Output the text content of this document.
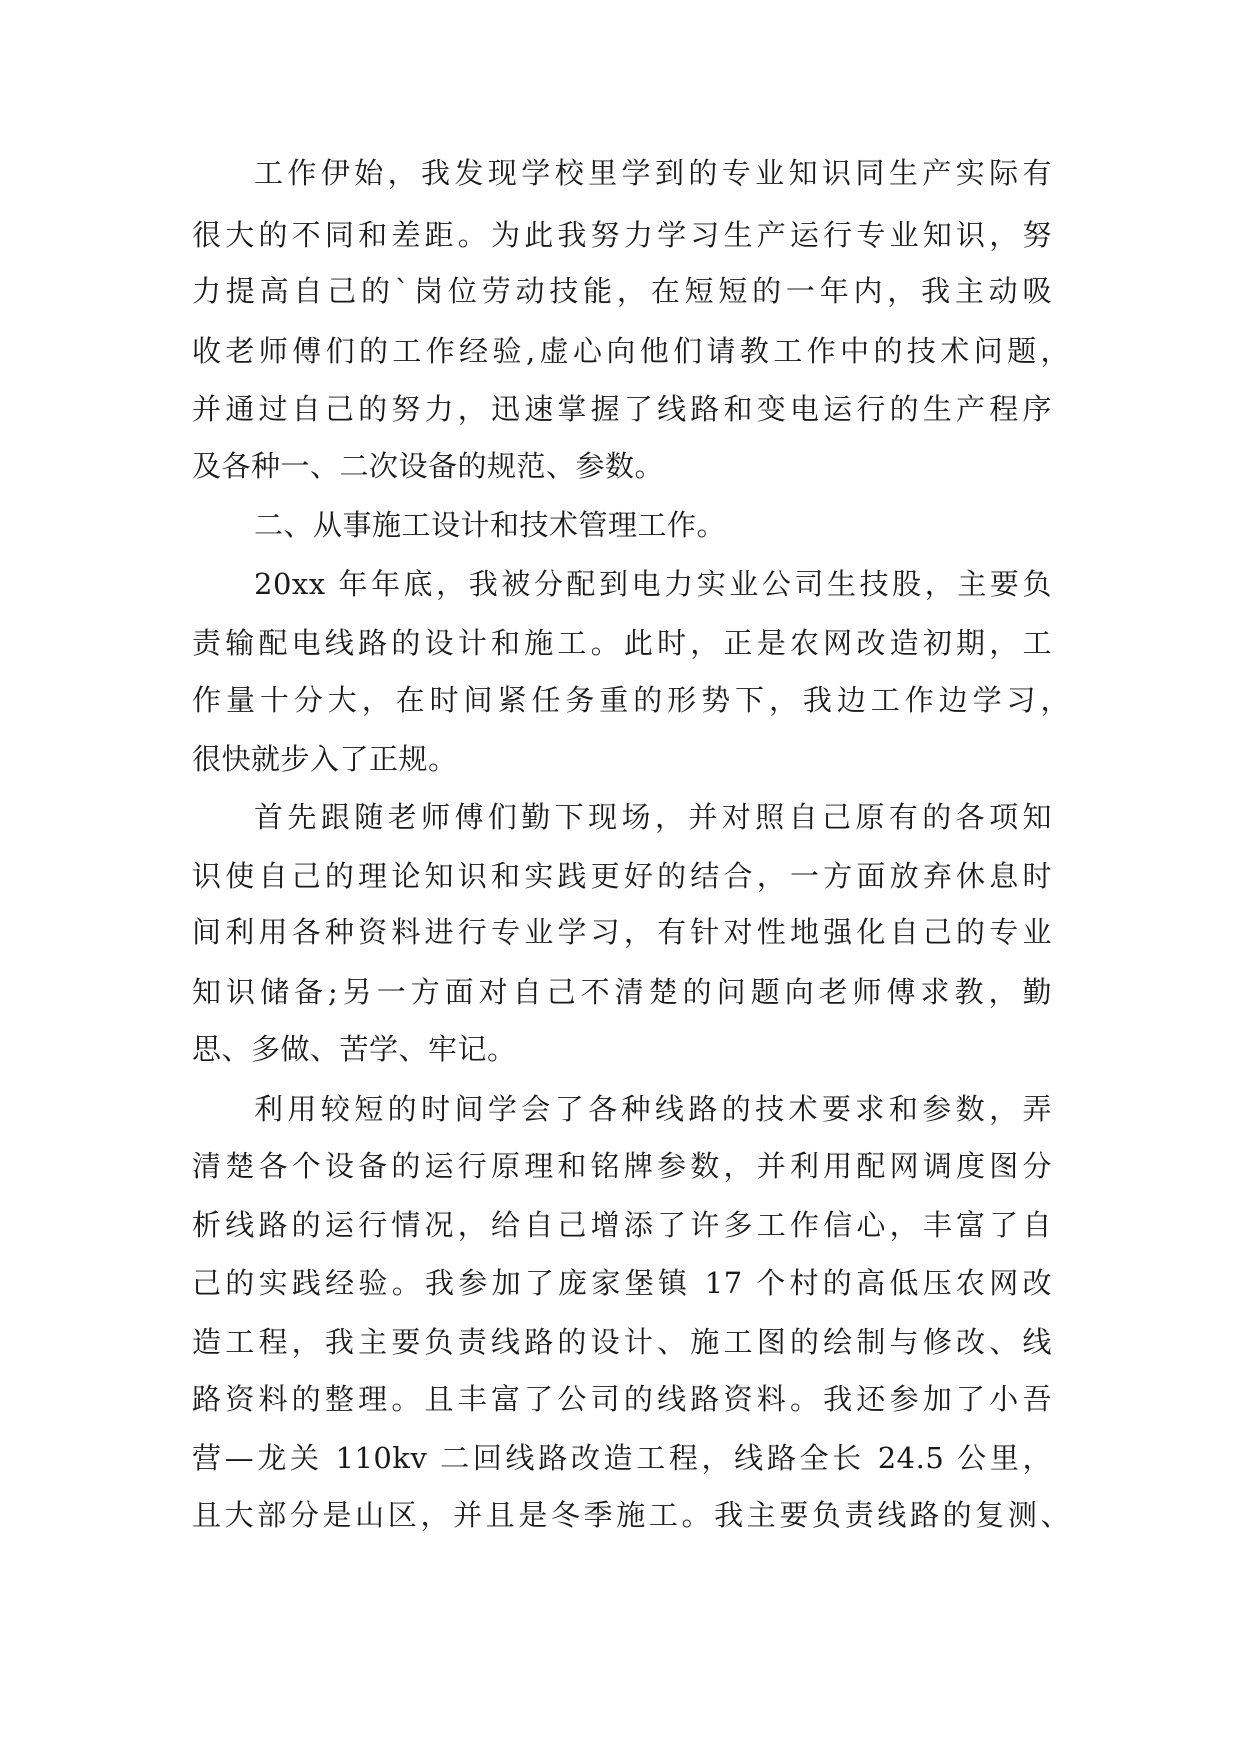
工作伊始，我发现学校里学到的专业知识同生产实际有
很大的不同和差距。为此我努力学习生产运行专业知识，努
力提高自己的`岗位劳动技能，在短短的一年内，我主动吸
收老师傅们的工作经验,虚心向他们请教工作中的技术问题，
并通过自己的努力，迅速掌握了线路和变电运行的生产程序
及各种一、二次设备的规范、参数。
二、从事施工设计和技术管理工作。
20xx 年年底，我被分配到电力实业公司生技股，主要负
责输配电线路的设计和施工。此时，正是农网改造初期，工
作量十分大，在时间紧任务重的形势下，我边工作边学习，
很快就步入了正规。
首先跟随老师傅们勤下现场，并对照自己原有的各项知
识使自己的理论知识和实践更好的结合，一方面放弃休息时
间利用各种资料进行专业学习，有针对性地强化自己的专业
知识储备;另一方面对自己不清楚的问题向老师傅求教，勤
思、多做、苦学、牢记。
利用较短的时间学会了各种线路的技术要求和参数，弄
清楚各个设备的运行原理和铭牌参数，并利用配网调度图分
析线路的运行情况，给自己增添了许多工作信心，丰富了自
己的实践经验。我参加了庞家堡镇 17 个村的高低压农网改
造工程，我主要负责线路的设计、施工图的绘制与修改、线
路资料的整理。且丰富了公司的线路资料。我还参加了小吾
营—龙关 110kv 二回线路改造工程，线路全长 24.5 公里，
且大部分是山区，并且是冬季施工。我主要负责线路的复测、
